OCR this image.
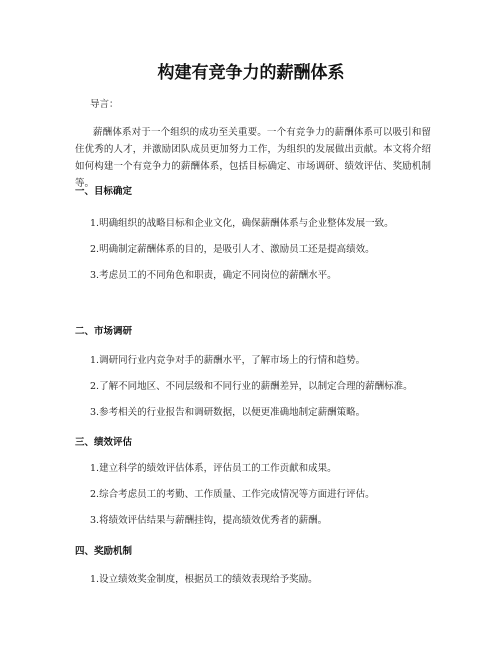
构建有竞争力的薪酬体系
导言：
薪酬体系对于一个组织的成功至关重要。一个有竞争力的薪酬体系可以吸引和留住优秀的人才，并激励团队成员更加努力工作，为组织的发展做出贡献。本文将介绍如何构建一个有竞争力的薪酬体系，包括目标确定、市场调研、绩效评估、奖励机制等。
一、目标确定
1.明确组织的战略目标和企业文化，确保薪酬体系与企业整体发展一致。
2.明确制定薪酬体系的目的，是吸引人才、激励员工还是提高绩效。
3.考虑员工的不同角色和职责，确定不同岗位的薪酬水平。
二、市场调研
1.调研同行业内竞争对手的薪酬水平，了解市场上的行情和趋势。
2.了解不同地区、不同层级和不同行业的薪酬差异，以制定合理的薪酬标准。
3.参考相关的行业报告和调研数据，以便更准确地制定薪酬策略。
三、绩效评估
1.建立科学的绩效评估体系，评估员工的工作贡献和成果。
2.综合考虑员工的考勤、工作质量、工作完成情况等方面进行评估。
3.将绩效评估结果与薪酬挂钩，提高绩效优秀者的薪酬。
四、奖励机制
1.设立绩效奖金制度，根据员工的绩效表现给予奖励。
